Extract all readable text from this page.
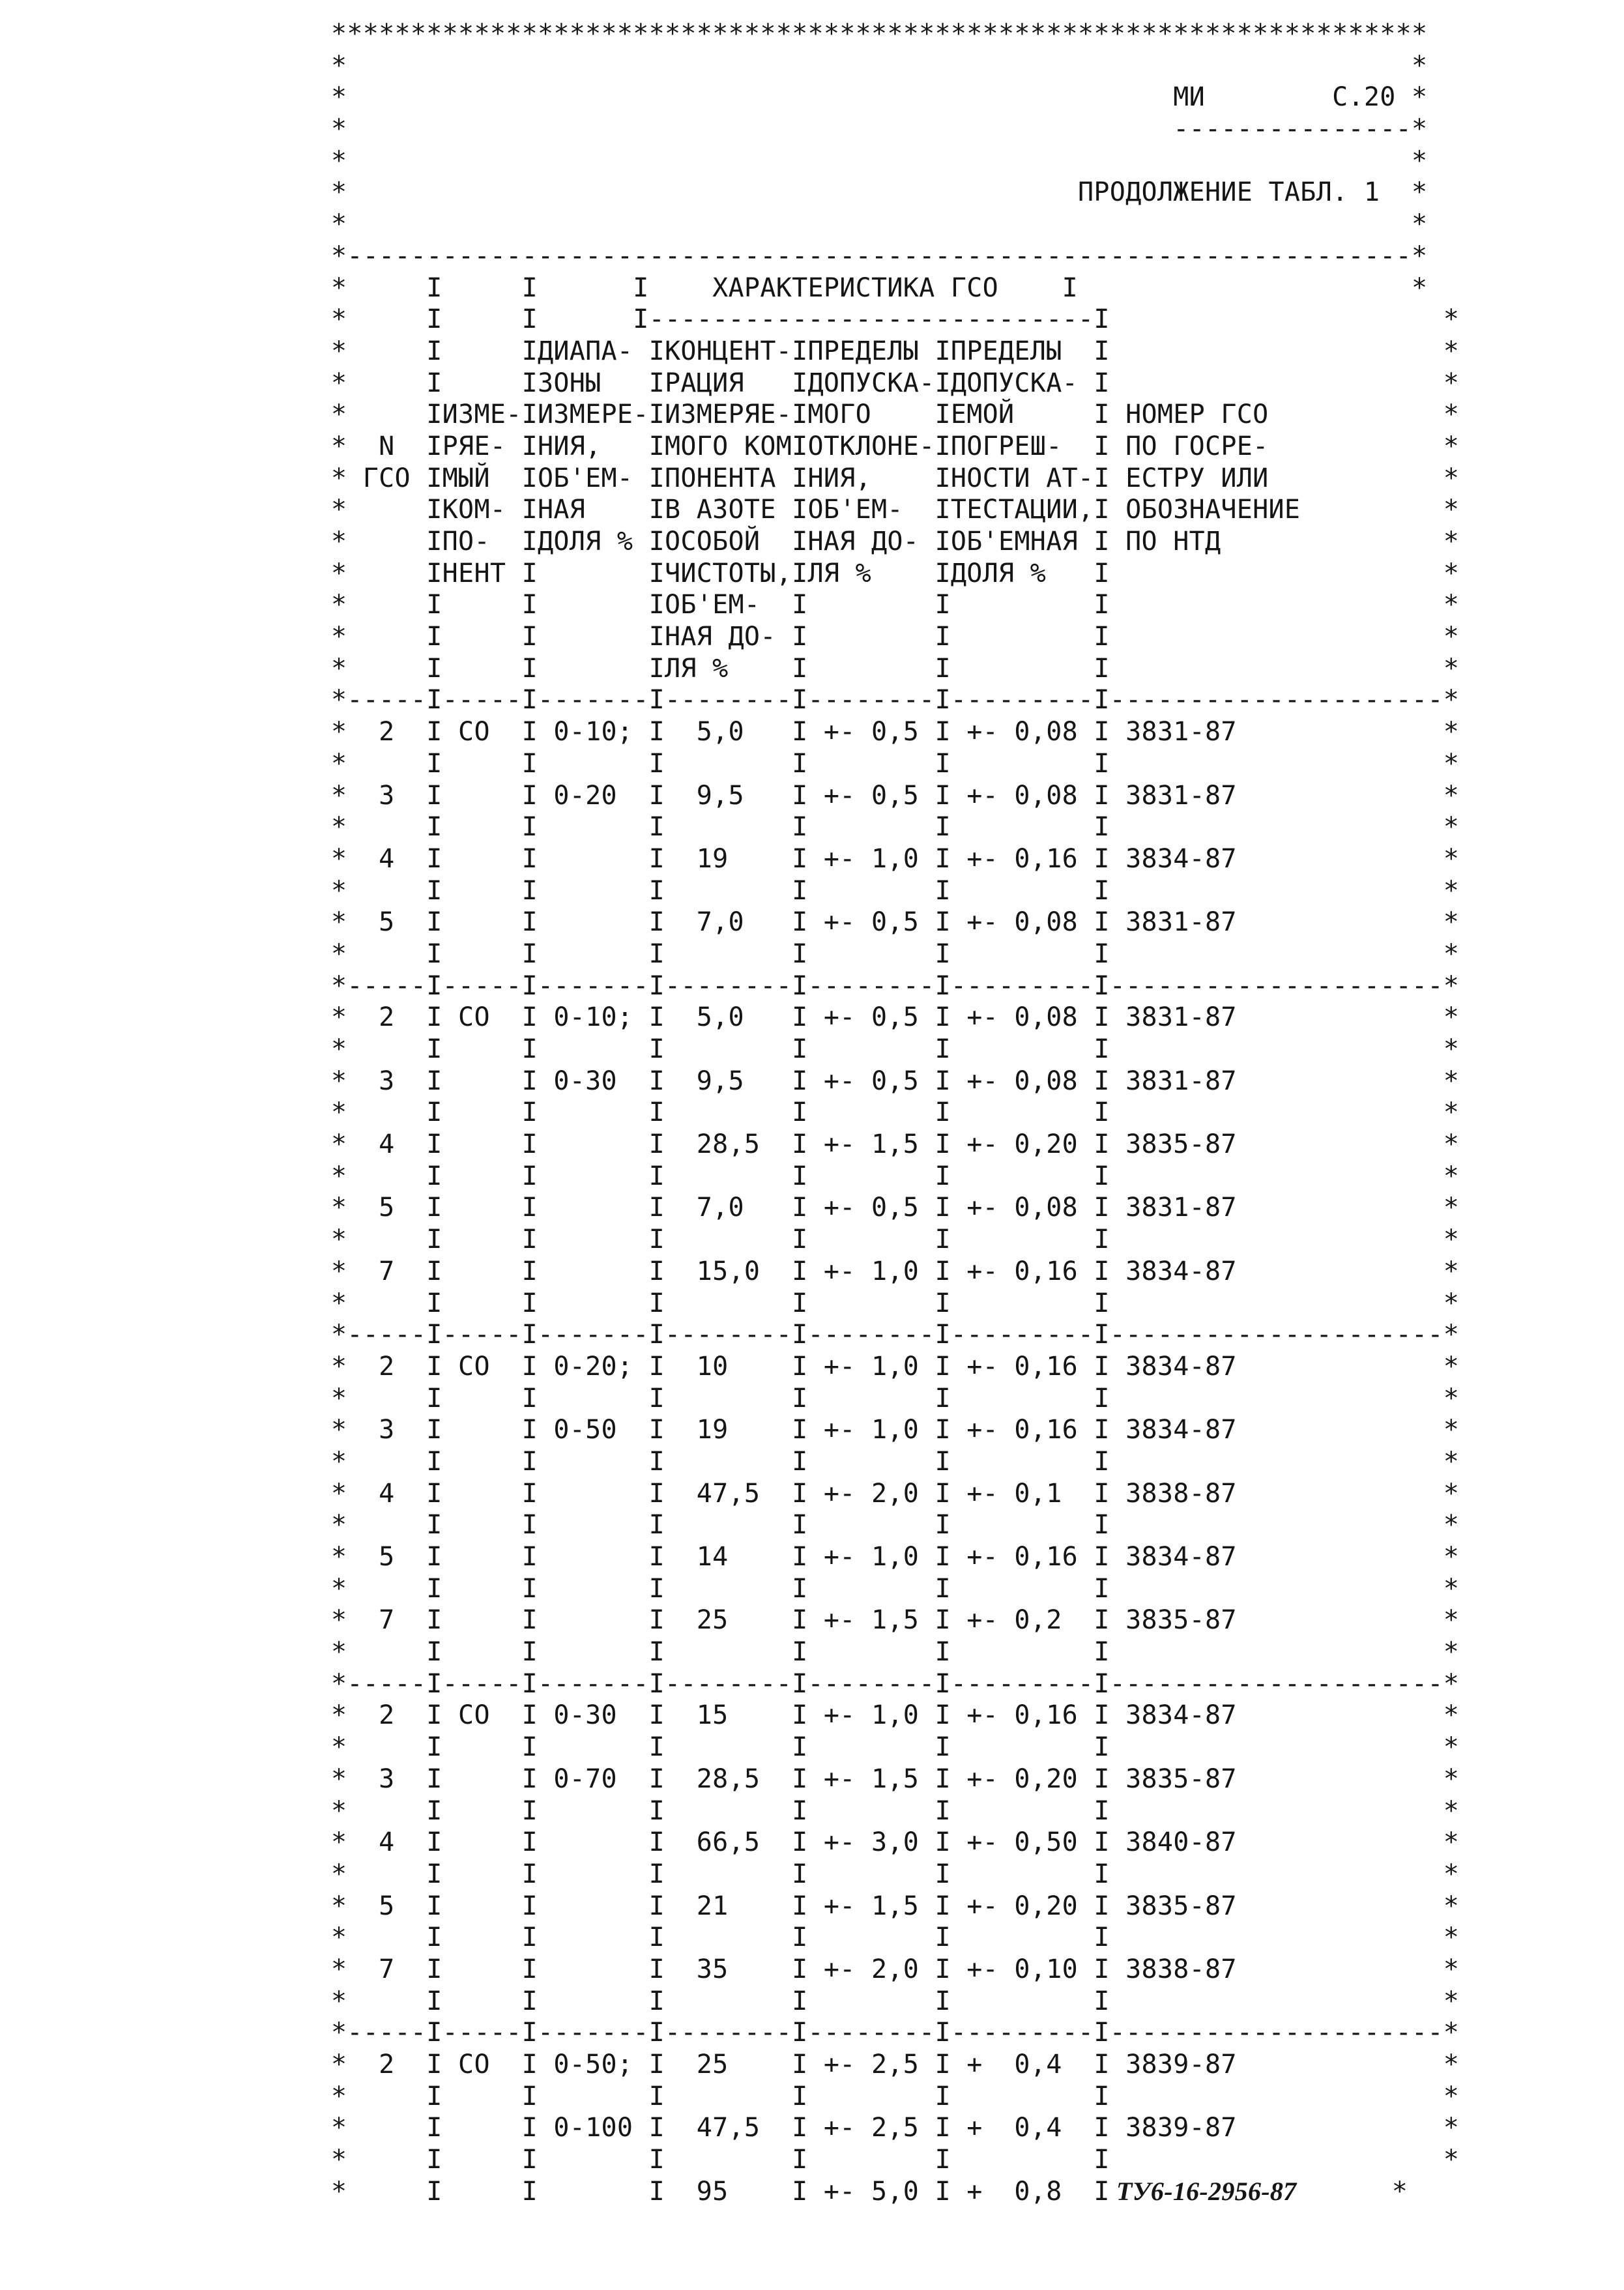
*********************************************************************
*                                                                   *
*                                                    МИ        С.20 *
*                                                    ---------------*
*                                                                   *
*                                              ПРОДОЛЖЕНИЕ ТАБЛ. 1  *
*                                                                   *
*-------------------------------------------------------------------*
*     I     I      I    ХАРАКТЕРИСТИКА ГСО    I                     *
*     I     I      I----------------------------I                     *
*     I     IДИАПА- IКОНЦЕНТ-IПРЕДЕЛЫ IПРЕДЕЛЫ  I                     *
*     I     IЗОНЫ   IРАЦИЯ   IДОПУСКА-IДОПУСКА- I                     *
*     IИЗМЕ-IИЗМЕРЕ-IИЗМЕРЯЕ-IМОГО    IЕМОЙ     I НОМЕР ГСО           *
*  N  IРЯЕ- IНИЯ,   IМОГО КОМIОТКЛОНЕ-IПОГРЕШ-  I ПО ГОСРЕ-           *
* ГСО IМЫЙ  IОБ'ЕМ- IПОНЕНТА IНИЯ,    IНОСТИ АТ-I ЕСТРУ ИЛИ           *
*     IКОМ- IНАЯ    IВ АЗОТЕ IОБ'ЕМ-  IТЕСТАЦИИ,I ОБОЗНАЧЕНИЕ         *
*     IПО-  IДОЛЯ % IОСОБОЙ  IНАЯ ДО- IОБ'ЕМНАЯ I ПО НТД              *
*     IНЕНТ I       IЧИСТОТЫ,IЛЯ %    IДОЛЯ %   I                     *
*     I     I       IОБ'ЕМ-  I        I         I                     *
*     I     I       IНАЯ ДО- I        I         I                     *
*     I     I       IЛЯ %    I        I         I                     *
*-----I-----I-------I--------I--------I---------I---------------------*
*  2  I CO  I 0-10; I  5,0   I +- 0,5 I +- 0,08 I 3831-87             *
*     I     I       I        I        I         I                     *
*  3  I     I 0-20  I  9,5   I +- 0,5 I +- 0,08 I 3831-87             *
*     I     I       I        I        I         I                     *
*  4  I     I       I  19    I +- 1,0 I +- 0,16 I 3834-87             *
*     I     I       I        I        I         I                     *
*  5  I     I       I  7,0   I +- 0,5 I +- 0,08 I 3831-87             *
*     I     I       I        I        I         I                     *
*-----I-----I-------I--------I--------I---------I---------------------*
*  2  I CO  I 0-10; I  5,0   I +- 0,5 I +- 0,08 I 3831-87             *
*     I     I       I        I        I         I                     *
*  3  I     I 0-30  I  9,5   I +- 0,5 I +- 0,08 I 3831-87             *
*     I     I       I        I        I         I                     *
*  4  I     I       I  28,5  I +- 1,5 I +- 0,20 I 3835-87             *
*     I     I       I        I        I         I                     *
*  5  I     I       I  7,0   I +- 0,5 I +- 0,08 I 3831-87             *
*     I     I       I        I        I         I                     *
*  7  I     I       I  15,0  I +- 1,0 I +- 0,16 I 3834-87             *
*     I     I       I        I        I         I                     *
*-----I-----I-------I--------I--------I---------I---------------------*
*  2  I CO  I 0-20; I  10    I +- 1,0 I +- 0,16 I 3834-87             *
*     I     I       I        I        I         I                     *
*  3  I     I 0-50  I  19    I +- 1,0 I +- 0,16 I 3834-87             *
*     I     I       I        I        I         I                     *
*  4  I     I       I  47,5  I +- 2,0 I +- 0,1  I 3838-87             *
*     I     I       I        I        I         I                     *
*  5  I     I       I  14    I +- 1,0 I +- 0,16 I 3834-87             *
*     I     I       I        I        I         I                     *
*  7  I     I       I  25    I +- 1,5 I +- 0,2  I 3835-87             *
*     I     I       I        I        I         I                     *
*-----I-----I-------I--------I--------I---------I---------------------*
*  2  I CO  I 0-30  I  15    I +- 1,0 I +- 0,16 I 3834-87             *
*     I     I       I        I        I         I                     *
*  3  I     I 0-70  I  28,5  I +- 1,5 I +- 0,20 I 3835-87             *
*     I     I       I        I        I         I                     *
*  4  I     I       I  66,5  I +- 3,0 I +- 0,50 I 3840-87             *
*     I     I       I        I        I         I                     *
*  5  I     I       I  21    I +- 1,5 I +- 0,20 I 3835-87             *
*     I     I       I        I        I         I                     *
*  7  I     I       I  35    I +- 2,0 I +- 0,10 I 3838-87             *
*     I     I       I        I        I         I                     *
*-----I-----I-------I--------I--------I---------I---------------------*
*  2  I CO  I 0-50; I  25    I +- 2,5 I +  0,4  I 3839-87             *
*     I     I       I        I        I         I                     *
*     I     I 0-100 I  47,5  I +- 2,5 I +  0,4  I 3839-87             *
*     I     I       I        I        I         I                     *
*     I     I       I  95    I +- 5,0 I +  0,8  I ТУ6-16-2956-87      *
